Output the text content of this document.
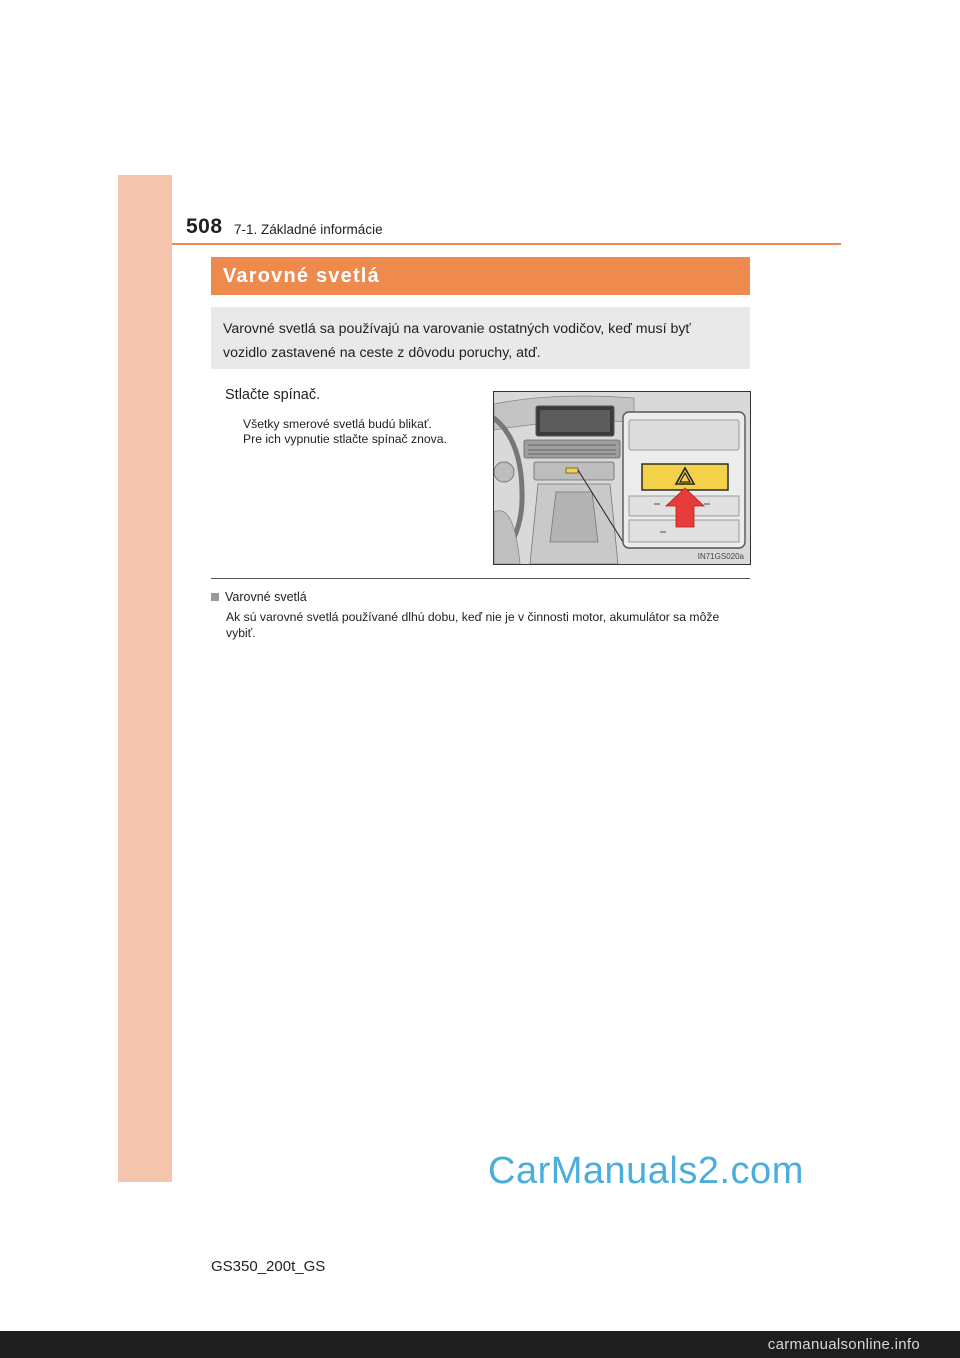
508 7-1. Základné informácie
Varovné svetlá
Varovné svetlá sa používajú na varovanie ostatných vodičov, keď musí byť vozidlo zastavené na ceste z dôvodu poruchy, atď.
Stlačte spínač.
Všetky smerové svetlá budú blikať.
Pre ich vypnutie stlačte spínač znova.
IN71GS020a
Varovné svetlá
Ak sú varovné svetlá používané dlhú dobu, keď nie je v činnosti motor, akumulátor sa môže vybiť.
CarManuals2.com
GS350_200t_GS
carmanualsonline.info
